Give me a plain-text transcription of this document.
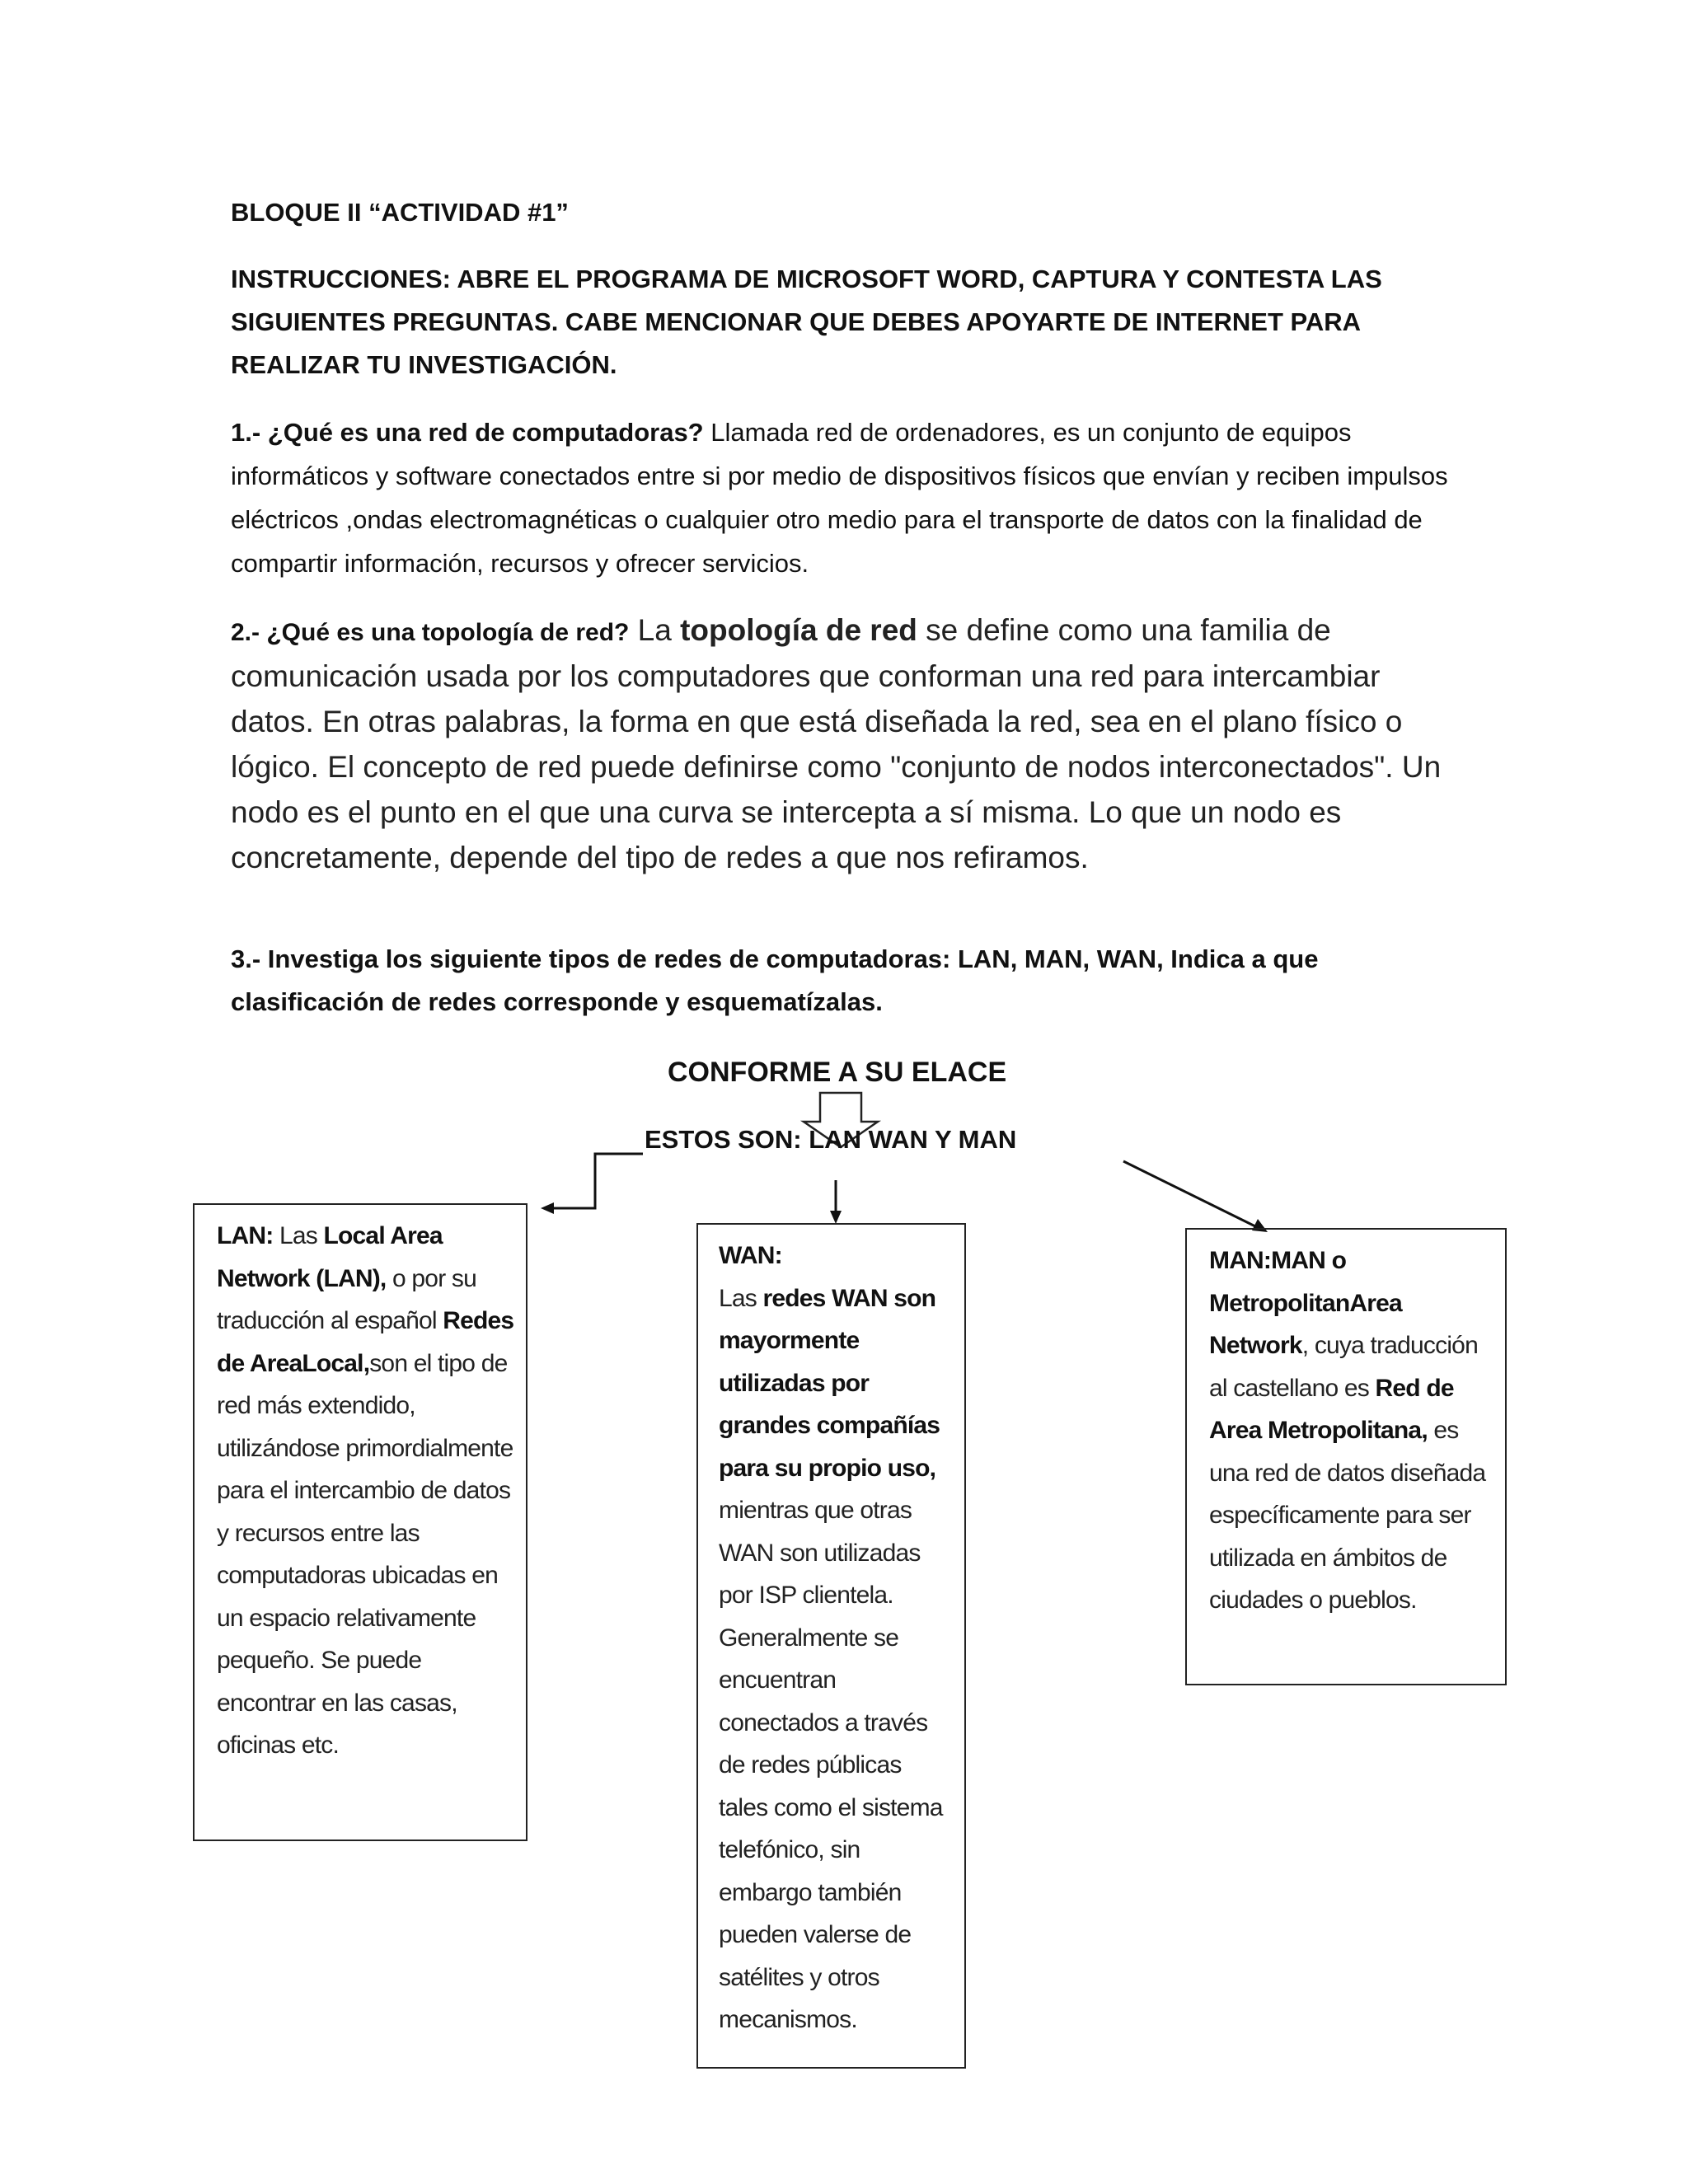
BLOQUE II “ACTIVIDAD #1”
INSTRUCCIONES: ABRE EL PROGRAMA DE MICROSOFT WORD, CAPTURA Y CONTESTA LAS SIGUIENTES PREGUNTAS. CABE MENCIONAR QUE DEBES APOYARTE DE INTERNET PARA REALIZAR TU INVESTIGACIÓN.
1.- ¿Qué es una red de computadoras? Llamada red de ordenadores, es un conjunto de equipos informáticos y software conectados entre si por medio de dispositivos físicos que envían y reciben impulsos eléctricos ,ondas electromagnéticas o cualquier otro medio para el transporte de datos con la finalidad de compartir información, recursos y ofrecer servicios.
2.- ¿Qué es una topología de red? La topología de red se define como una familia de comunicación usada por los computadores que conforman una red para intercambiar datos. En otras palabras, la forma en que está diseñada la red, sea en el plano físico o lógico. El concepto de red puede definirse como "conjunto de nodos interconectados". Un nodo es el punto en el que una curva se intercepta a sí misma. Lo que un nodo es concretamente, depende del tipo de redes a que nos refiramos.
3.- Investiga los siguiente tipos de redes de computadoras: LAN, MAN, WAN, Indica a que clasificación de redes corresponde y esquematízalas.
CONFORME A SU ELACE
ESTOS SON: LAN WAN Y MAN
LAN: Las Local Area Network (LAN), o por su traducción al español Redes de AreaLocal,son el tipo de red más extendido, utilizándose primordialmente para el intercambio de datos y recursos entre las computadoras ubicadas en un espacio relativamente pequeño. Se puede encontrar en las casas, oficinas etc.
WAN:
Las redes WAN son mayormente utilizadas por grandes compañías para su propio uso, mientras que otras WAN son utilizadas por ISP clientela. Generalmente se encuentran conectados a través de redes públicas tales como el sistema telefónico, sin embargo también pueden valerse de satélites y otros mecanismos.
MAN:MAN o MetropolitanArea Network, cuya traducción al castellano es Red de Area Metropolitana, es una red de datos diseñada específicamente para ser utilizada en ámbitos de ciudades o pueblos.
